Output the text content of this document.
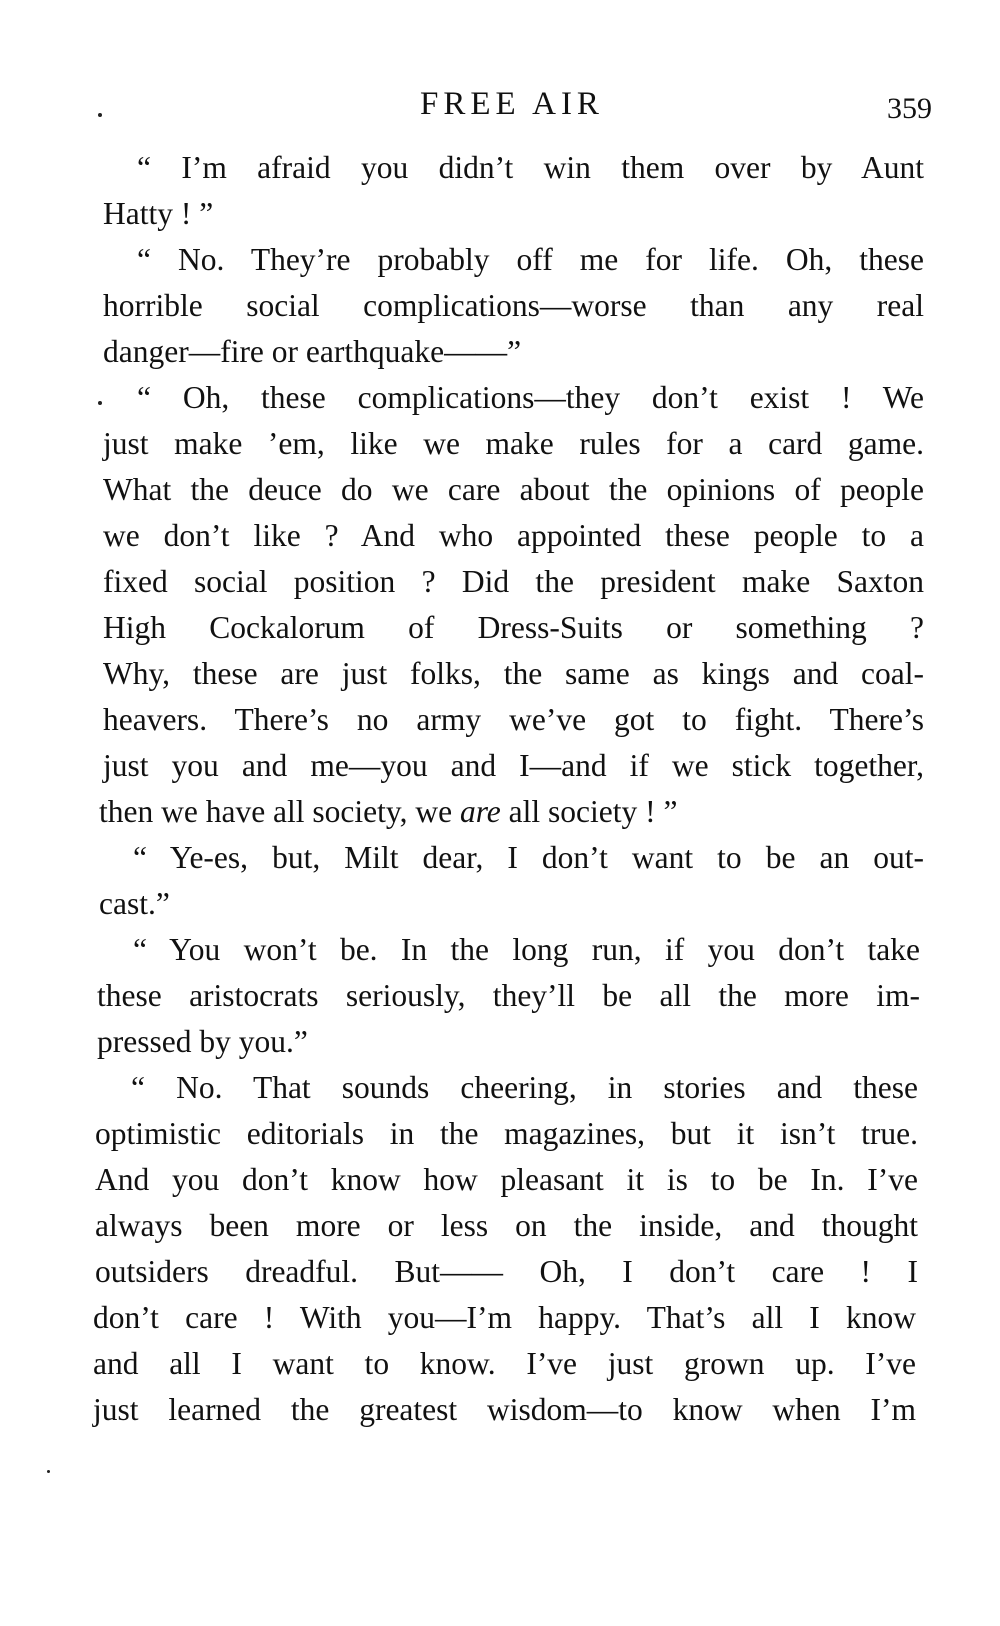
FREE AIR	359
“ I’m afraid you didn’t win them over by Aunt
Hatty ! ”
“ No. They’re probably off me for life. Oh, these
horrible social complications—worse than any real
danger—fire or earthquake——”
“ Oh, these complications—they don’t exist ! We
just make ’em, like we make rules for a card game.
What the deuce do we care about the opinions of people
we don’t like ? And who appointed these people to a
fixed social position ? Did the president make Saxton
High Cockalorum of Dress-Suits or something ?
Why, these are just folks, the same as kings and coal-
heavers. There’s no army we’ve got to fight. There’s
just you and me—you and I—and if we stick together,
then we have all society, we are all society ! ”
“ Ye-es, but, Milt dear, I don’t want to be an out-
cast.”
“ You won’t be. In the long run, if you don’t take
these aristocrats seriously, they’ll be all the more im-
pressed by you.”
“ No. That sounds cheering, in stories and these
optimistic editorials in the magazines, but it isn’t true.
And you don’t know how pleasant it is to be In. I’ve
always been more or less on the inside, and thought
outsiders dreadful. But—— Oh, I don’t care ! I
don’t care ! With you—I’m happy. That’s all I know
and all I want to know. I’ve just grown up. I’ve
just learned the greatest wisdom—to know when I’m
